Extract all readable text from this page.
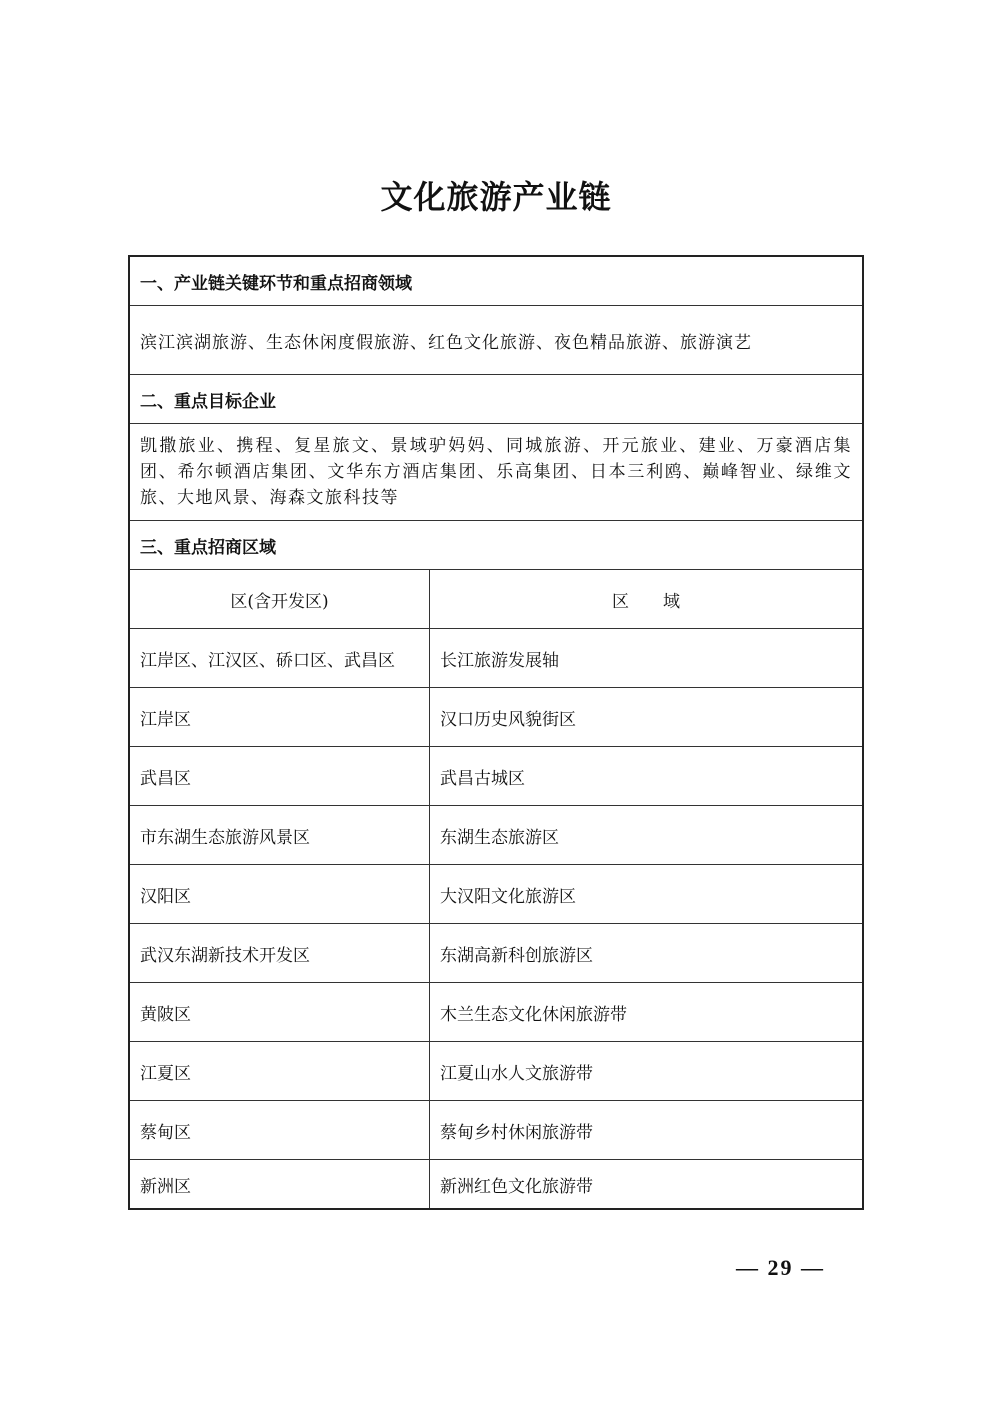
文化旅游产业链
一、产业链关键环节和重点招商领域	
滨江滨湖旅游、生态休闲度假旅游、红色文化旅游、夜色精品旅游、旅游演艺	
二、重点目标企业	
凯撒旅业、携程、复星旅文、景域驴妈妈、同城旅游、开元旅业、建业、万豪酒店集团、希尔顿酒店集团、文华东方酒店集团、乐高集团、日本三利鸥、巅峰智业、绿维文旅、大地风景、海森文旅科技等	
三、重点招商区域	
区(含开发区)	区　　域
江岸区、江汉区、硚口区、武昌区	长江旅游发展轴
江岸区	汉口历史风貌街区
武昌区	武昌古城区
市东湖生态旅游风景区	东湖生态旅游区
汉阳区	大汉阳文化旅游区
武汉东湖新技术开发区	东湖高新科创旅游区
黄陂区	木兰生态文化休闲旅游带
江夏区	江夏山水人文旅游带
蔡甸区	蔡甸乡村休闲旅游带
新洲区	新洲红色文化旅游带
— 29 —
